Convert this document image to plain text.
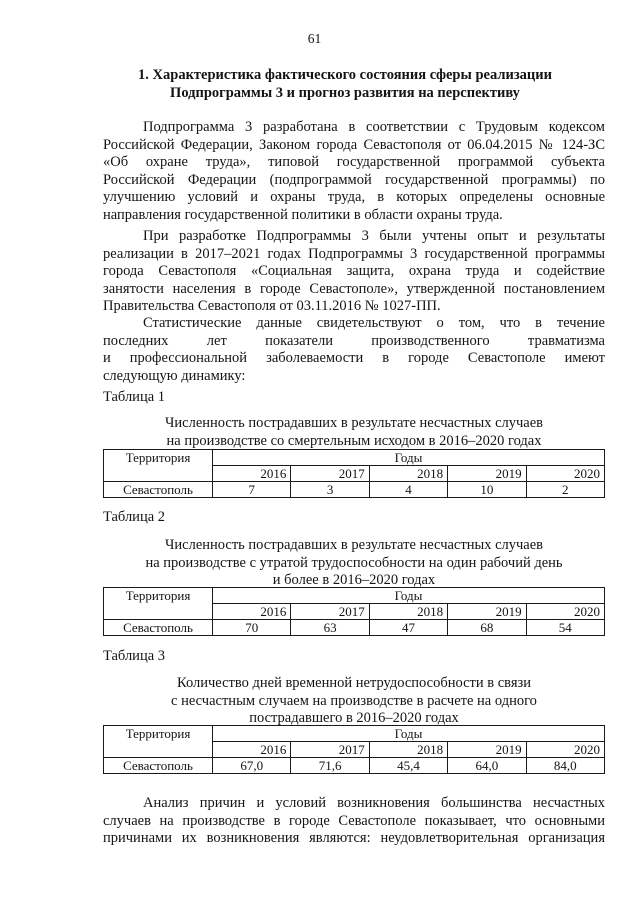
61
1. Характеристика фактического состояния сферы реализации
Подпрограммы 3 и прогноз развития на перспективу
Подпрограмма 3 разработана в соответствии с Трудовым кодексом
Российской Федерации, Законом города Севастополя от 06.04.2015 № 124-ЗС
«Об охране труда», типовой государственной программой субъекта
Российской Федерации (подпрограммой государственной программы) по
улучшению условий и охраны труда, в которых определены основные
направления государственной политики в области охраны труда.
При разработке Подпрограммы 3 были учтены опыт и результаты
реализации в 2017–2021 годах Подпрограммы 3 государственной программы
города Севастополя «Социальная защита, охрана труда и содействие
занятости населения в городе Севастополе», утвержденной постановлением
Правительства Севастополя от 03.11.2016 № 1027-ПП.
Статистические данные свидетельствуют о том, что в течение
последних лет показатели производственного травматизма
и профессиональной заболеваемости в городе Севастополе имеют
следующую динамику:
Таблица 1
Численность пострадавших в результате несчастных случаев
на производстве со смертельным исходом в 2016–2020 годах
Территория	Годы				
	2016	2017	2018	2019	2020
Севастополь	7	3	4	10	2
Таблица 2
Численность пострадавших в результате несчастных случаев
на производстве с утратой трудоспособности на один рабочий день
и более в 2016–2020 годах
Территория	Годы				
	2016	2017	2018	2019	2020
Севастополь	70	63	47	68	54
Таблица 3
Количество дней временной нетрудоспособности в связи
с несчастным случаем на производстве в расчете на одного
пострадавшего в 2016–2020 годах
Территория	Годы				
	2016	2017	2018	2019	2020
Севастополь	67,0	71,6	45,4	64,0	84,0
Анализ причин и условий возникновения большинства несчастных
случаев на производстве в городе Севастополе показывает, что основными
причинами их возникновения являются: неудовлетворительная организация
